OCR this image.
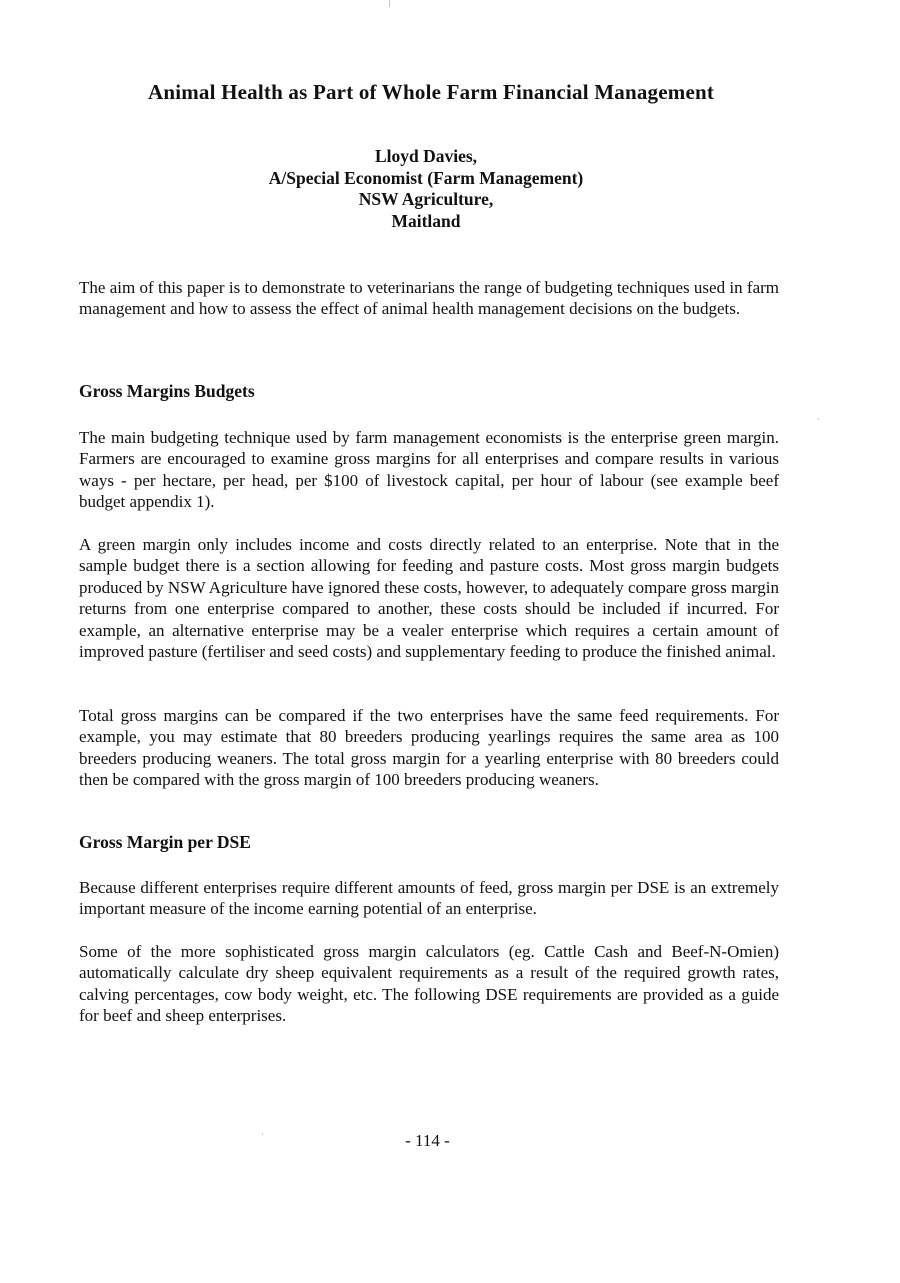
Animal Health as Part of Whole Farm Financial Management
Lloyd Davies,
A/Special Economist (Farm Management)
NSW Agriculture,
Maitland

The aim of this paper is to demonstrate to veterinarians the range of budgeting techniques used in farm management and how to assess the effect of animal health management decisions on the budgets.

Gross Margins Budgets

The main budgeting technique used by farm management economists is the enterprise green margin. Farmers are encouraged to examine gross margins for all enterprises and compare results in various ways - per hectare, per head, per $100 of livestock capital, per hour of labour (see example beef budget appendix 1).

A green margin only includes income and costs directly related to an enterprise. Note that in the sample budget there is a section allowing for feeding and pasture costs. Most gross margin budgets produced by NSW Agriculture have ignored these costs, however, to adequately compare gross margin returns from one enterprise compared to another, these costs should be included if incurred. For example, an alternative enterprise may be a vealer enterprise which requires a certain amount of improved pasture (fertiliser and seed costs) and supplementary feeding to produce the finished animal.

Total gross margins can be compared if the two enterprises have the same feed requirements. For example, you may estimate that 80 breeders producing yearlings requires the same area as 100 breeders producing weaners. The total gross margin for a yearling enterprise with 80 breeders could then be compared with the gross margin of 100 breeders producing weaners.

Gross Margin per DSE

Because different enterprises require different amounts of feed, gross margin per DSE is an extremely important measure of the income earning potential of an enterprise.

Some of the more sophisticated gross margin calculators (eg. Cattle Cash and Beef-N-Omien) automatically calculate dry sheep equivalent requirements as a result of the required growth rates, calving percentages, cow body weight, etc. The following DSE requirements are provided as a guide for beef and sheep enterprises.

- 114 -
